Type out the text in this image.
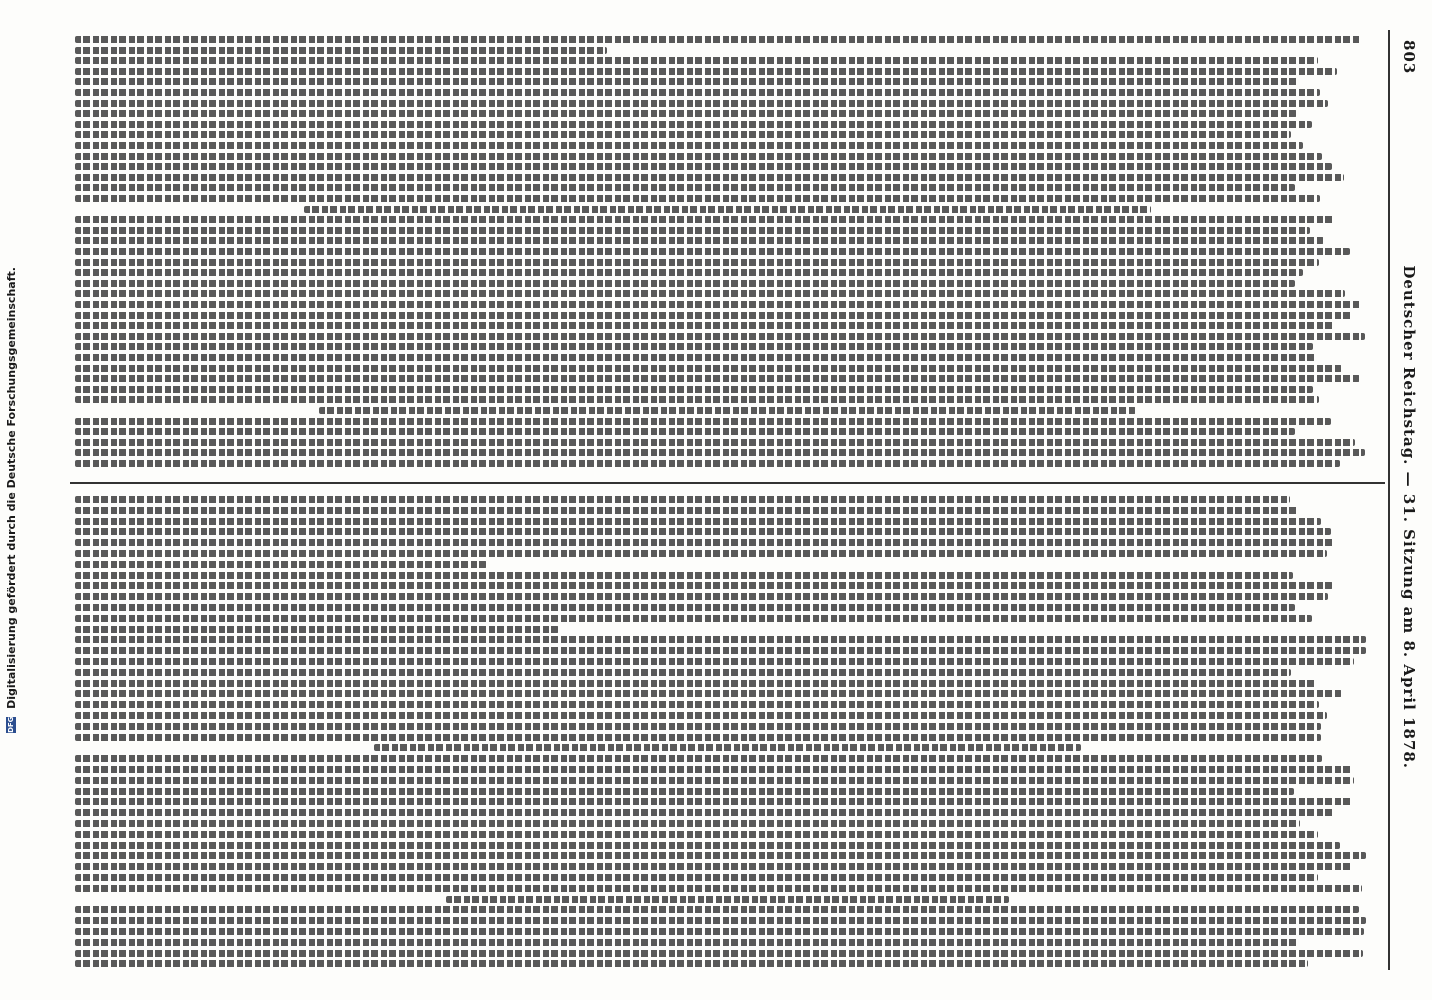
DFG
Digitalisierung gefördert durch die Deutsche Forschungsgemeinschaft.
803
Deutscher Reichstag. — 31. Sitzung am 8. April 1878.
